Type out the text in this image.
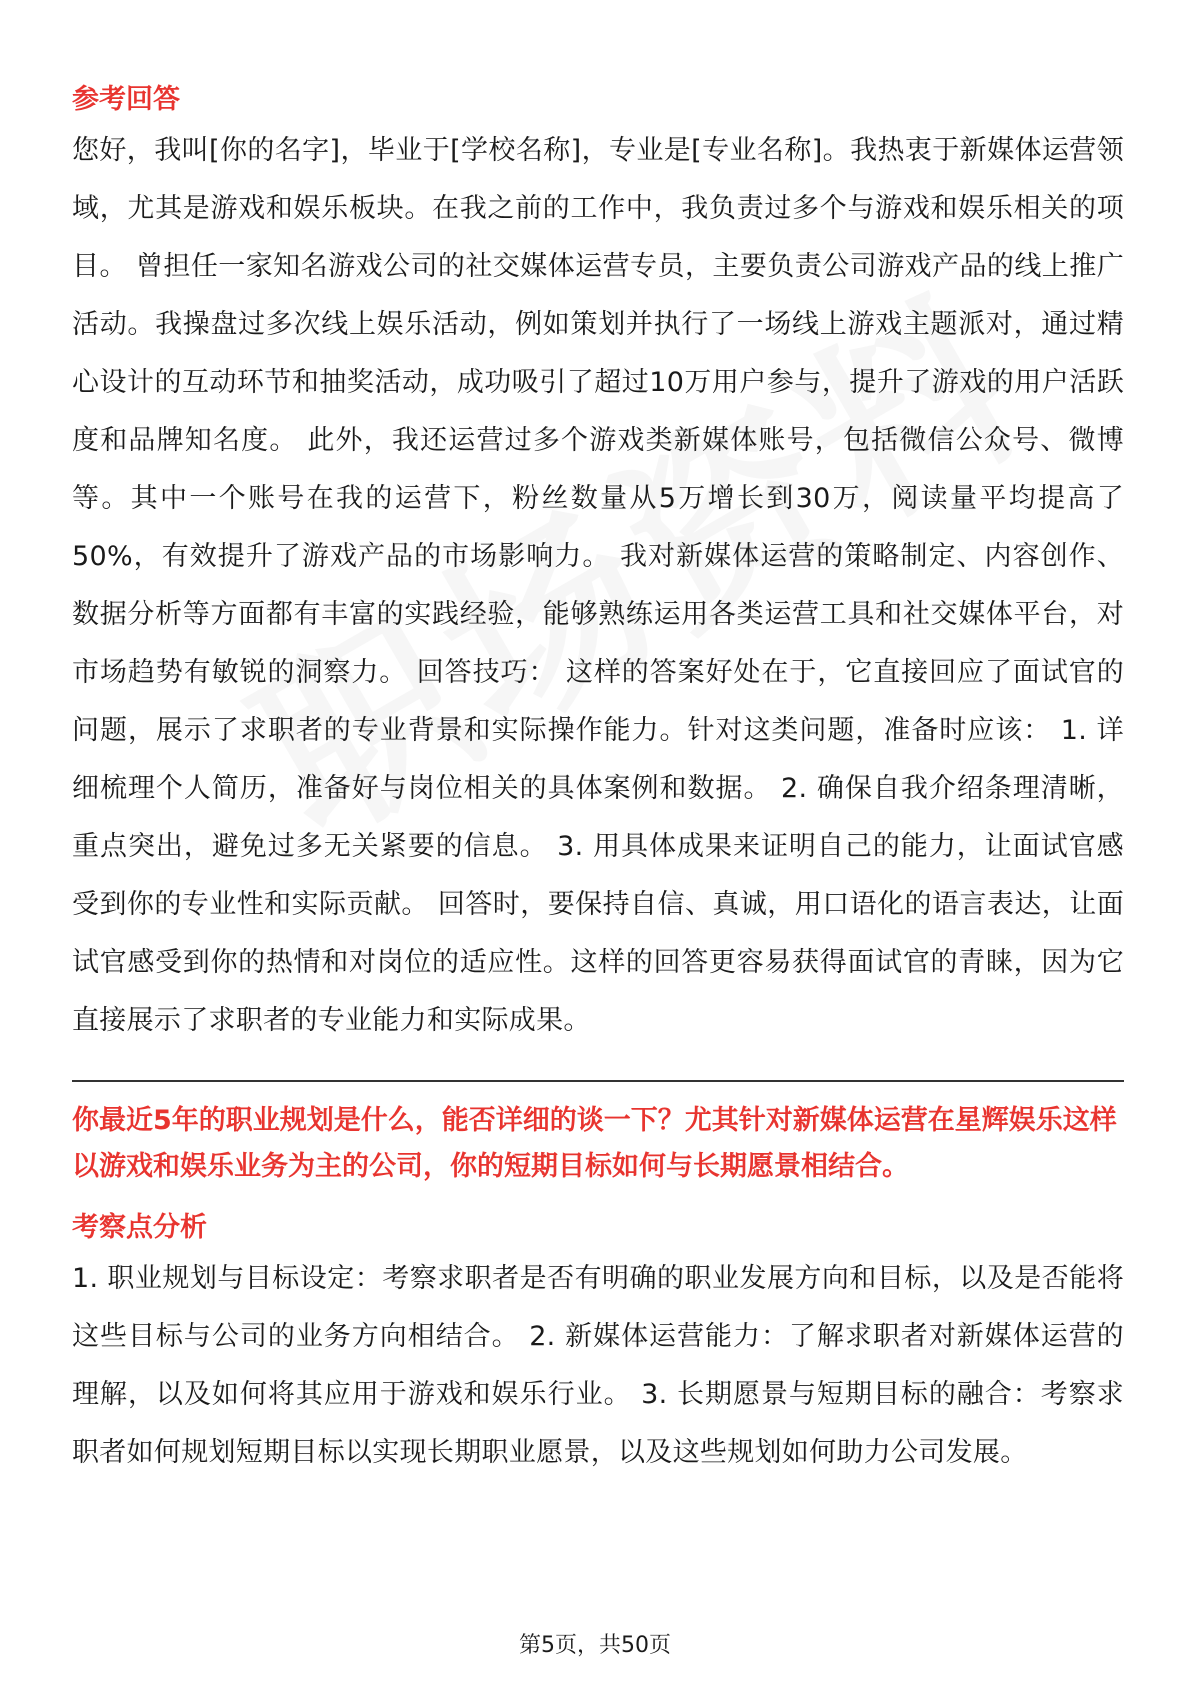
参考回答

您好，我叫[你的名字]，毕业于[学校名称]，专业是[专业名称]。我热衷于新媒体运营领域，尤其是游戏和娱乐板块。在我之前的工作中，我负责过多个与游戏和娱乐相关的项目。 曾担任一家知名游戏公司的社交媒体运营专员，主要负责公司游戏产品的线上推广活动。我操盘过多次线上娱乐活动，例如策划并执行了一场线上游戏主题派对，通过精心设计的互动环节和抽奖活动，成功吸引了超过10万用户参与，提升了游戏的用户活跃度和品牌知名度。 此外，我还运营过多个游戏类新媒体账号，包括微信公众号、微博等。其中一个账号在我的运营下，粉丝数量从5万增长到30万，阅读量平均提高了50%，有效提升了游戏产品的市场影响力。 我对新媒体运营的策略制定、内容创作、数据分析等方面都有丰富的实践经验，能够熟练运用各类运营工具和社交媒体平台，对市场趋势有敏锐的洞察力。 回答技巧： 这样的答案好处在于，它直接回应了面试官的问题，展示了求职者的专业背景和实际操作能力。针对这类问题，准备时应该： 1. 详细梳理个人简历，准备好与岗位相关的具体案例和数据。 2. 确保自我介绍条理清晰，重点突出，避免过多无关紧要的信息。 3. 用具体成果来证明自己的能力，让面试官感受到你的专业性和实际贡献。 回答时，要保持自信、真诚，用口语化的语言表达，让面试官感受到你的热情和对岗位的适应性。这样的回答更容易获得面试官的青睐，因为它直接展示了求职者的专业能力和实际成果。

你最近5年的职业规划是什么，能否详细的谈一下？尤其针对新媒体运营在星辉娱乐这样以游戏和娱乐业务为主的公司，你的短期目标如何与长期愿景相结合。

考察点分析

1. 职业规划与目标设定：考察求职者是否有明确的职业发展方向和目标，以及是否能将这些目标与公司的业务方向相结合。 2. 新媒体运营能力：了解求职者对新媒体运营的理解，以及如何将其应用于游戏和娱乐行业。 3. 长期愿景与短期目标的融合：考察求职者如何规划短期目标以实现长期职业愿景，以及这些规划如何助力公司发展。

第5页，共50页
